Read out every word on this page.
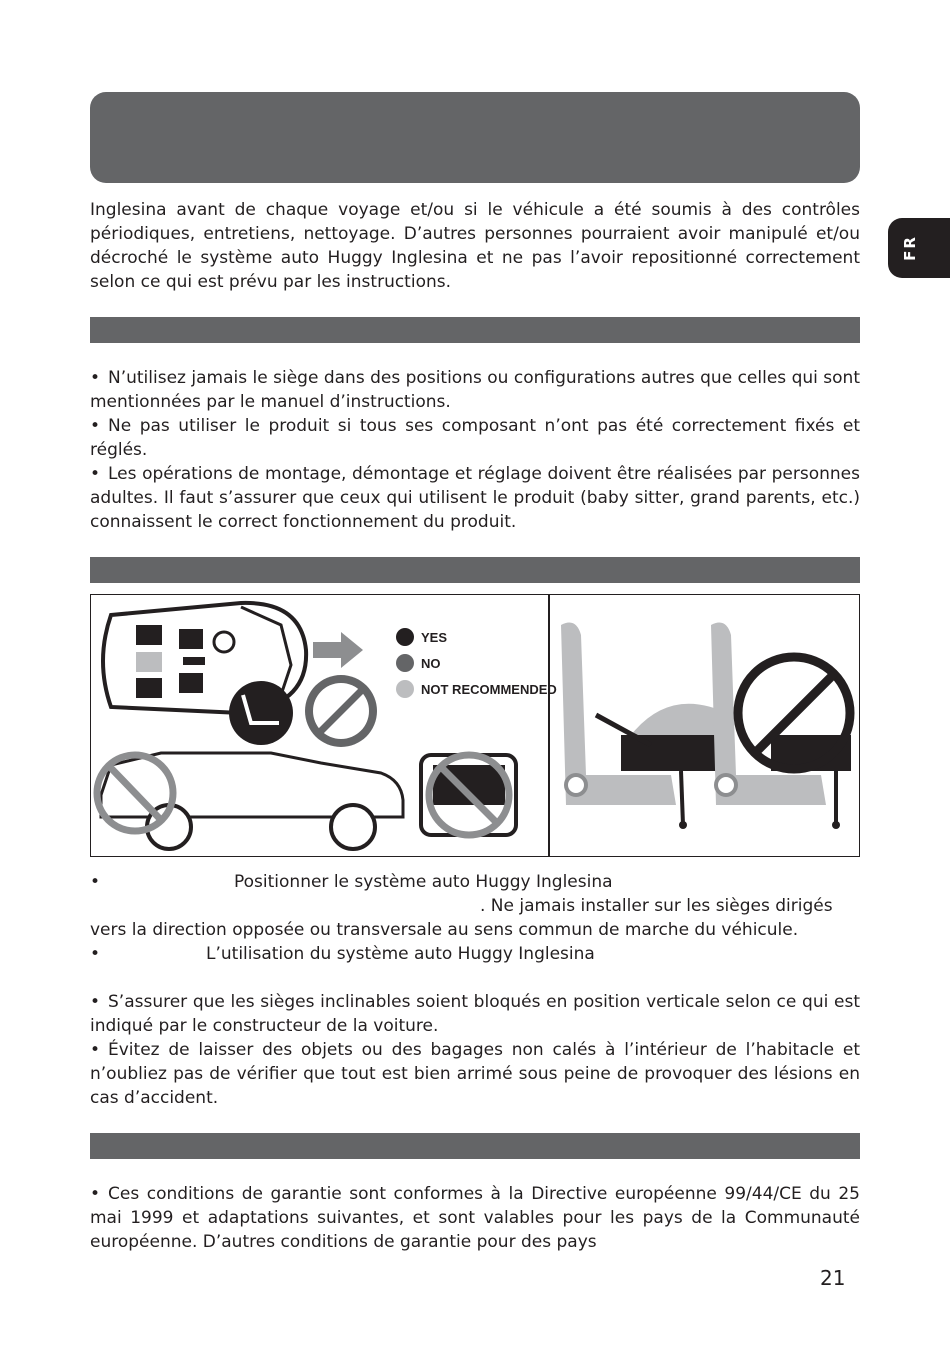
FR

Inglesina avant de chaque voyage et/ou si le véhicule a été soumis à des contrôles périodiques, entretiens, nettoyage. D’autres personnes pourraient avoir manipulé et/ou décroché le système auto Huggy Inglesina et ne pas l’avoir repositionné correctement selon ce qui est prévu par les instructions.

• N’utilisez jamais le siège dans des positions ou configurations autres que celles qui sont mentionnées par le manuel d’instructions.
• Ne pas utiliser le produit si tous ses composant n’ont pas été correctement fixés et réglés.
• Les opérations de montage, démontage et réglage doivent être réalisées par personnes adultes. Il faut s’assurer que ceux qui utilisent le produit (baby sitter, grand parents, etc.) connaissent le correct fonctionnement du produit.
YES
NO
NOT RECOMMENDED
•	Positionner le système auto Huggy Inglesina
. Ne jamais installer sur les sièges dirigés
vers la direction opposée ou transversale au sens commun de marche du véhicule.
•	L’utilisation du système auto Huggy Inglesina
• S’assurer que les sièges inclinables soient bloqués en position verticale selon ce qui est indiqué par le constructeur de la voiture.
• Évitez de laisser des objets ou des bagages non calés à l’intérieur de l’habitacle et n’oubliez pas de vérifier que tout est bien arrimé sous peine de provoquer des lésions en cas d’accident.
• Ces conditions de garantie sont conformes à la Directive européenne 99/44/CE du 25 mai 1999 et adaptations suivantes, et sont valables pour les pays de la Communauté européenne. D’autres conditions de garantie pour des pays
21
